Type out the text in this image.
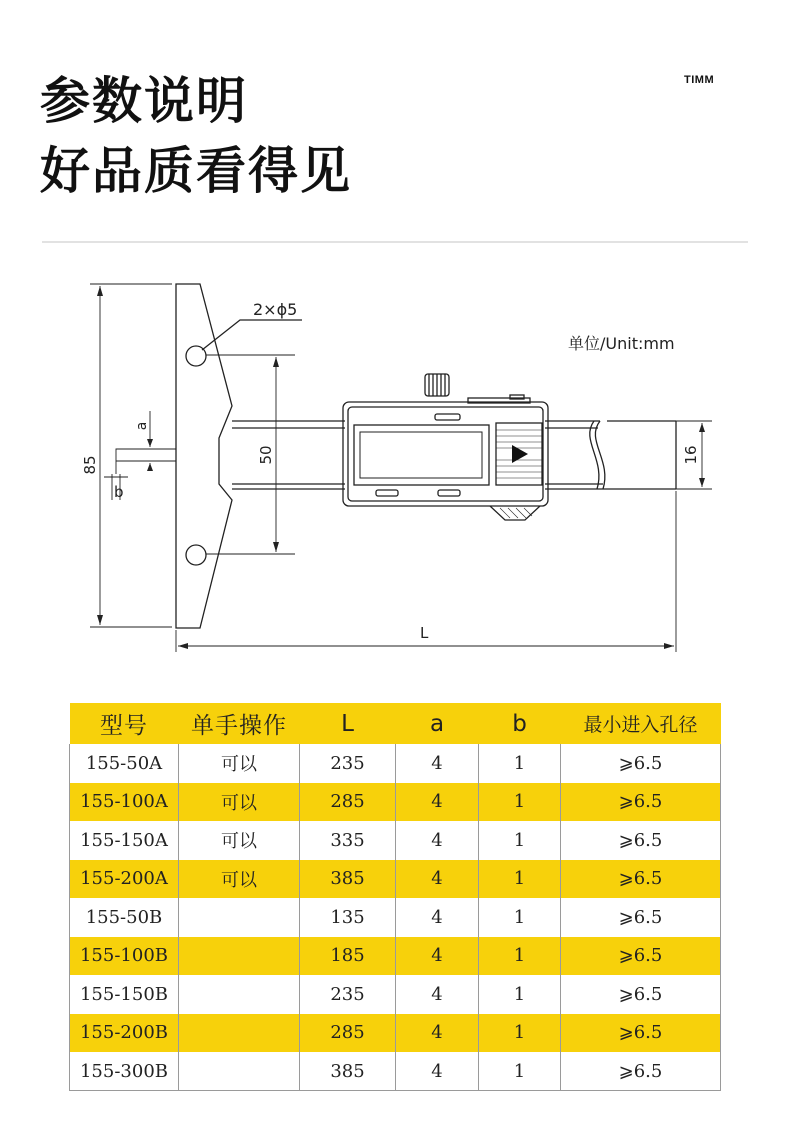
参数说明
好品质看得见
TIMM
单位/Unit:mm
2×ϕ5
85
50
a
b
16
L
型号	单手操作	L	a	b	最小进入孔径
155-50A	可以	235	4	1	⩾6.5
155-100A	可以	285	4	1	⩾6.5
155-150A	可以	335	4	1	⩾6.5
155-200A	可以	385	4	1	⩾6.5
155-50B		135	4	1	⩾6.5
155-100B		185	4	1	⩾6.5
155-150B		235	4	1	⩾6.5
155-200B		285	4	1	⩾6.5
155-300B		385	4	1	⩾6.5
